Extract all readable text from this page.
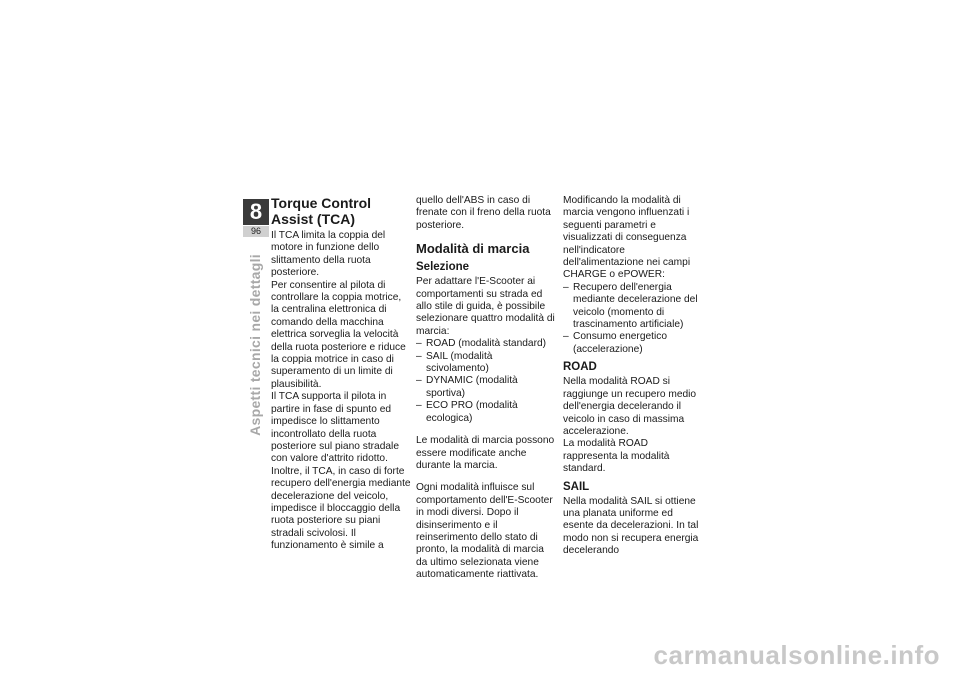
8
96
Aspetti tecnici nei dettagli
Torque Control Assist (TCA)

Il TCA limita la coppia del motore in funzione dello slittamento della ruota posteriore.

Per consentire al pilota di controllare la coppia motrice, la centralina elettronica di comando della macchina elettrica sorveglia la velocità della ruota posteriore e riduce la coppia motrice in caso di superamento di un limite di plausibilità.

Il TCA supporta il pilota in partire in fase di spunto ed impedisce lo slittamento incontrollato della ruota posteriore sul piano stradale con valore d'attrito ridotto.

Inoltre, il TCA, in caso di forte recupero dell'energia mediante decelerazione del veicolo, impedisce il bloccaggio della ruota posteriore su piani stradali scivolosi. Il funzionamento è simile a

quello dell'ABS in caso di frenate con il freno della ruota posteriore.

Modalità di marcia
Selezione

Per adattare l'E-Scooter ai comportamenti su strada ed allo stile di guida, è possibile selezionare quattro modalità di marcia:

– ROAD (modalità standard)
– SAIL (modalità scivolamento)
– DYNAMIC (modalità sportiva)
– ECO PRO (modalità ecologica)

Le modalità di marcia possono essere modificate anche durante la marcia.

Ogni modalità influisce sul comportamento dell'E-Scooter in modi diversi. Dopo il disinserimento e il reinserimento dello stato di pronto, la modalità di marcia da ultimo selezionata viene automaticamente riattivata.

Modificando la modalità di marcia vengono influenzati i seguenti parametri e visualizzati di conseguenza nell'indicatore dell'alimentazione nei campi CHARGE o ePOWER:

– Recupero dell'energia mediante decelerazione del veicolo (momento di trascinamento artificiale)
– Consumo energetico (accelerazione)
ROAD

Nella modalità ROAD si raggiunge un recupero medio dell'energia decelerando il veicolo in caso di massima accelerazione.

La modalità ROAD rappresenta la modalità standard.

SAIL

Nella modalità SAIL si ottiene una planata uniforme ed esente da decelerazioni. In tal modo non si recupera energia decelerando

carmanualsonline.info
